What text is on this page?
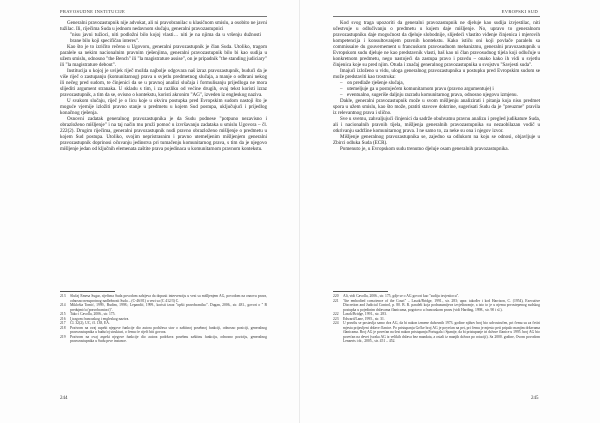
PRAVOSUDNE INSTITUCIJE

Generalni pravozastupnik nije advokat, ali ni pravobranilac u klasičnom smislu, a osobito ne javni tužilac. Ili, riječima Suda u jednom nedavnom slučaju, generalni pravozastupnici

"nisu javni tužioci, niti podložni bilo kojoj vlasti… niti je na njima da u vršenju dužnosti brane bilo koji specifičan interes".

Kao što je to izričito rečeno u Ugovoru, generalni pravozastupnik je član Suda. Utoliko, tragom paralele sa nekim nacionalnim pravnim rješenjima, generalni pravozastupnik bilo bi kao sudija u užem smislu, odnosno "the Bench" ili "la magistrature assise", on je pripadnik "the standing judiciary" ili "la magistrature debout".

Institucija u kojoj je uvijek riječ možda najbolje odgovara naš izraz pravozastupnik, budući da je više riječ o zastupanju (komunitarnog) prava u svjetlu predmetnog slučaja, a manje o odbrani nekog ili nečeg pred sudom, te činjenici da se u pravnoj analizi slučaja i formulisanju prijedloga ne mora slijediti argument stranaka. U skladu s tim, i za razliku od većine drugih, ovaj tekst koristi izraz pravozastupnik, a tim da se, ovisno o kontekstu, koristi akronim "AG", izveden iz engleskog naziva.

U svakom slučaju, riječ je o licu koje u okviru postupka pred Evropskim sudom nastoji što je moguće vjernije izložiti pravno stanje u predmetu u kojem Sud postupa, uključujući i prijedlog konačnog rješenja.

Osnovni zadatak generalnog pravozastupnika je da Sudu podnese "potpuno nezavisno i obrazloženo mišljenje" i na taj način mu pruži pomoć u izvršavanju zadataka u smislu Ugovora – čl. 222(2). Drugim riječima, generalni pravozastupnik nudi pravno obrazloženo mišljenje o predmetu u kojem Sud postupa. Utoliko, svojim nepristrasnim i pravno utemeljenim mišljenjem generalni pravozastupnik doprinosi očuvanju jedinstva pri tumačenju komunitarnog prava, s tim da je njegovo mišljenje jedan od ključnih elemenata zaštite prava pojedinaca u komunitarnom pravnom kontekstu.

213 Slučaj Emesa Sugar, riječima Suda povodom zahtjeva da dopusti intervenciju u vezi sa mišljenjem AG, povodom na osnovu prava, odnosno nesuprotnog nadležnosti Suda – (C-46/01) u vezi sa (C 412/3) C.
214 Miklošta Tomić, 1999., Budim, 1998.; Lepandić, 1999., koristi izraz "opšti pravobranilac". Dugan, 2006., str. 481., govori o " B predujmića (pravobranioci)".
215 Tako i Cavolla, 2006., str. 175.
216 I tragom francuskog i engleskog naziva.
217 Čl. 32(2), UC, čl. 138, EA.
218 Pozivom na ovaj aspekt njegove funkcije dio autora podržava stav o zaštitnoj posebnoj funkciji, odnosno poziciji, generalnog pravozastupnika u budućoj strukturi, o čemu će riječi biti govora.
219 Pozivom na ovaj aspekt njegove funkcije dio autora podržava posebnu zaštitnu funkciju, odnosno poziciju, generalnog pravozastupnika u Sudu prve instance.
244
EVROPSKI SUD

Kod svog traga upozoriti da generalni pravozastupnik ne djeluje kao sudija izvjestilac, niti učestvuje u odlučivanju o predmetu u kojem daje mišljenje. No, upravo to generalnom pravozastupniku daje mogućnost da djeluje slobodnije, slijedeći vlastito viđenje činjenica i mjerovih kompetencija i konsultovanjem pravnih kontekstu. Kako ističu oni koji povlače paralelu sa commissaire du gouvernement u francuskom pravosudnom mehanizmu, generalni pravozastupnik u Evropskom sudu djeluje ne kao predstavnik vlasti, baš kao ni član pravosudnog tijela koji odlučuje u konkretnom predmetu, nego nastojeći da zastupa pravo i pravdu – onako kako ih vidi u svjetlu činjenica koje su pred njim. Otuda i značaj generalnog pravozastupnika u svojstvu "Savjesti suda".

Imajući izloženo u vidu, uloga generalnog pravozastupnika u postupku pred Evropskim sudom se može predstaviti kao trostruka:

– on predlaže rješenje slučaja,
– utemeljuje ga u postojećem komunitarnom pravu (pravno argumentuje) i
– eventualno, sugeriše daljnju razradu komunitarnog prava, odnosno njegovu izmjenu.

Dakle, generalni pravozastupnik može u svom mišljenju analizirati i pitanja koja nisu predmet spora u užem smislu, kao što može, pratiti stavove doktrine, sugerisati Sudu da je "preuzme" pravila iz relevantnog prava i slično.

Sve u svemu, zahvaljujući činjenici da sadrže obuhvatnu pravnu analizu i pregled judikature Suda, ali i nacionalnih pravnih tijela, mišljenja generalnih pravozastupnika su nezaobilazan vodič u otkrivanju sadržine komunitarnog prava. I ne samo to, za neke su ona i njegov izvor.

Mišljenje generalnog pravozastupnika se, zajedno sa odlukom na koju se odnosi, objavljuje u Zbirci odluka Suda (ECR).

Pomenuto je, u Evropskom sudu trenutno djeluje osam generalnih pravozastupnika.

220 Ali, vidi Cavolla, 2006., str. 175, gdje se o AG govori kao "sudiju izvjestiocu".
221 "the embodied conscience of the Court" – Lasok/Bridge, 1991., str. 283; upor. također i kod Harrison, C. (1954), Executive Discretion and Judicial Control, p. 80. B. R. paraleli koja podrazumijeva izvještavanje, a isto to je u njemu prvostepenog sudskog postupka u pojedinim državama članicama, pogotovo u francuskom pravu (vidi Harding, 1998., str. 90 i sl.).
222 Lasok/Bridge, 1991., str. 283.
223 Edward/Lane, 1995., str. 31.
224 U pravilu se postavlja samo dva AG, da bi nakon izmene duhovnih 1973. godine njihov broj bio udvostručen, pri čemu su za četiri mjesta prijavljeni države članice. Po pristupanju Grčke broj AG je povećan na pet, pri čemu je mjesto peti pripalo manjim državama članicama. Broj AG je povećan na šest nakon pristupanja Portugala i Španije, da bi pristupanje tri države članice u 1995. broj AG bio povećan na devet (svaka AG iz velikih država bez mandata, a ostali iz manjih država po rotaciji). Sa 2000. godine, Ovom povodom Lenaerts i dr., 2005., str. 451 – 452.
245
